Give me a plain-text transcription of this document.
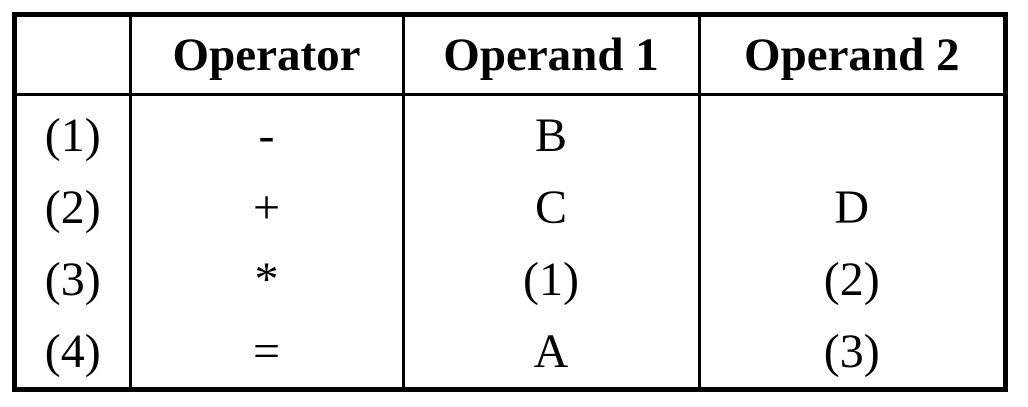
	Operator	Operand 1	Operand 2
(1)	-	B	
(2)	+	C	D
(3)	*	(1)	(2)
(4)	=	A	(3)
